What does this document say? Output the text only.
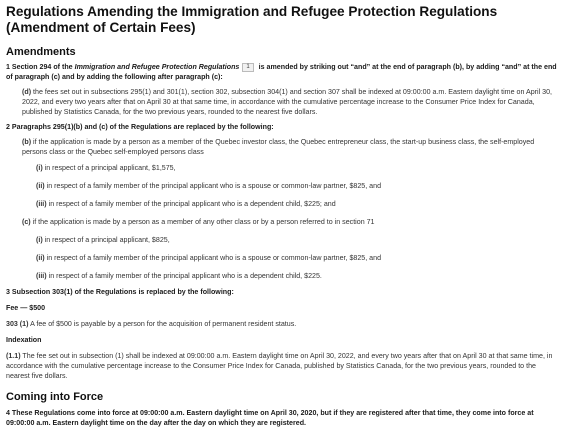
Regulations Amending the Immigration and Refugee Protection Regulations (Amendment of Certain Fees)
Amendments

1 Section 294 of the Immigration and Refugee Protection Regulations 1 is amended by striking out “and” at the end of paragraph (b), by adding “and” at the end of paragraph (c) and by adding the following after paragraph (c):

(d) the fees set out in subsections 295(1) and 301(1), section 302, subsection 304(1) and section 307 shall be indexed at 09:00:00 a.m. Eastern daylight time on April 30, 2022, and every two years after that on April 30 at that same time, in accordance with the cumulative percentage increase to the Consumer Price Index for Canada, published by Statistics Canada, for the two previous years, rounded to the nearest five dollars.

2 Paragraphs 295(1)(b) and (c) of the Regulations are replaced by the following:

(b) if the application is made by a person as a member of the Quebec investor class, the Quebec entrepreneur class, the start-up business class, the self-employed persons class or the Quebec self-employed persons class

(i) in respect of a principal applicant, $1,575,

(ii) in respect of a family member of the principal applicant who is a spouse or common-law partner, $825, and

(iii) in respect of a family member of the principal applicant who is a dependent child, $225; and

(c) if the application is made by a person as a member of any other class or by a person referred to in section 71

(i) in respect of a principal applicant, $825,

(ii) in respect of a family member of the principal applicant who is a spouse or common-law partner, $825, and

(iii) in respect of a family member of the principal applicant who is a dependent child, $225.

3 Subsection 303(1) of the Regulations is replaced by the following:

Fee — $500

303 (1) A fee of $500 is payable by a person for the acquisition of permanent resident status.

Indexation

(1.1) The fee set out in subsection (1) shall be indexed at 09:00:00 a.m. Eastern daylight time on April 30, 2022, and every two years after that on April 30 at that same time, in accordance with the cumulative percentage increase to the Consumer Price Index for Canada, published by Statistics Canada, for the two previous years, rounded to the nearest five dollars.

Coming into Force

4 These Regulations come into force at 09:00:00 a.m. Eastern daylight time on April 30, 2020, but if they are registered after that time, they come into force at 09:00:00 a.m. Eastern daylight time on the day after the day on which they are registered.
